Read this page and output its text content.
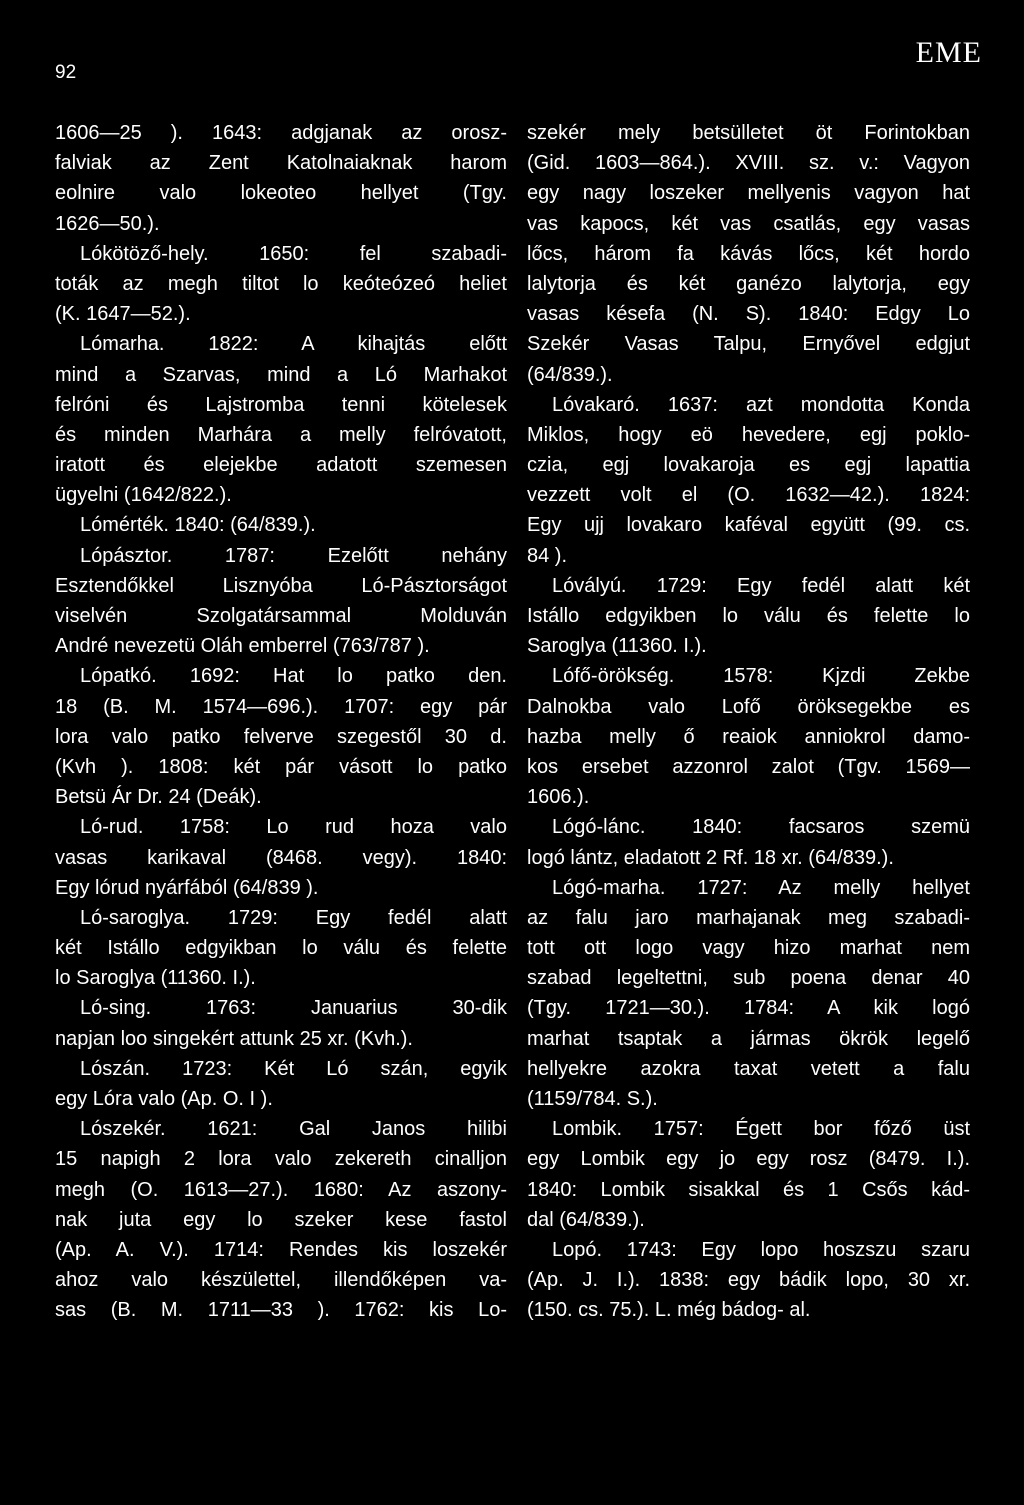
92
EME
1606—25 ). 1643: adgjanak az orosz-
falviak az Zent Katolnaiaknak harom
eolnire valo lokeoteo hellyet (Tgy.
1626—50.).
Lókötöző-hely. 1650: fel szabadi-
toták az megh tiltot lo keóteózeó heliet
(K. 1647—52.).
Lómarha. 1822: A kihajtás előtt
mind a Szarvas, mind a Ló Marhakot
felróni és Lajstromba tenni kötelesek
és minden Marhára a melly felróvatott,
iratott és elejekbe adatott szemesen
ügyelni (1642/822.).
Lómérték. 1840: (64/839.).
Lópásztor. 1787: Ezelőtt nehány
Esztendőkkel Lisznyóba Ló-Pásztorságot
viselvén Szolgatársammal Molduván
André nevezetü Oláh emberrel (763/787 ).
Lópatkó. 1692: Hat lo patko den.
18 (B. M. 1574—696.). 1707: egy pár
lora valo patko felverve szegestől 30 d.
(Kvh ). 1808: két pár vásott lo patko
Betsü Ár Dr. 24 (Deák).
Ló-rud. 1758: Lo rud hoza valo
vasas karikaval (8468. vegy). 1840:
Egy lórud nyárfából (64/839 ).
Ló-saroglya. 1729: Egy fedél alatt
két Istállo edgyikban lo válu és felette
lo Saroglya (11360. I.).
Ló-sing. 1763: Januarius 30-dik
napjan loo singekért attunk 25 xr. (Kvh.).
Lószán. 1723: Két Ló szán, egyik
egy Lóra valo (Ap. O. I ).
Lószekér. 1621: Gal Janos hilibi
15 napigh 2 lora valo zekereth cinalljon
megh (O. 1613—27.). 1680: Az aszony-
nak juta egy lo szeker kese fastol
(Ap. A. V.). 1714: Rendes kis loszekér
ahoz valo készülettel, illendőképen va-
sas (B. M. 1711—33 ). 1762: kis Lo-
szekér mely betsülletet öt Forintokban
(Gid. 1603—864.). XVIII. sz. v.: Vagyon
egy nagy loszeker mellyenis vagyon hat
vas kapocs, két vas csatlás, egy vasas
lőcs, három fa kávás lőcs, két hordo
lalytorja és két ganézo lalytorja, egy
vasas késefa (N. S). 1840: Edgy Lo
Szekér Vasas Talpu, Ernyővel edgjut
(64/839.).
Lóvakaró. 1637: azt mondotta Konda
Miklos, hogy eö hevedere, egj poklo-
czia, egj lovakaroja es egj lapattia
vezzett volt el (O. 1632—42.). 1824:
Egy ujj lovakaro kaféval együtt (99. cs.
84 ).
Lóvályú. 1729: Egy fedél alatt két
Istállo edgyikben lo válu és felette lo
Saroglya (11360. I.).
Lófő-örökség. 1578: Kjzdi Zekbe
Dalnokba valo Lofő öröksegekbe es
hazba melly ő reaiok anniokrol damo-
kos ersebet azzonrol zalot (Tgv. 1569—
1606.).
Lógó-lánc. 1840: facsaros szemü
logó lántz, eladatott 2 Rf. 18 xr. (64/839.).
Lógó-marha. 1727: Az melly hellyet
az falu jaro marhajanak meg szabadi-
tott ott logo vagy hizo marhat nem
szabad legeltettni, sub poena denar 40
(Tgy. 1721—30.). 1784: A kik logó
marhat tsaptak a jármas ökrök legelő
hellyekre azokra taxat vetett a falu
(1159/784. S.).
Lombik. 1757: Égett bor főző üst
egy Lombik egy jo egy rosz (8479. I.).
1840: Lombik sisakkal és 1 Csős kád-
dal (64/839.).
Lopó. 1743: Egy lopo hoszszu szaru
(Ap. J. I.). 1838: egy bádik lopo, 30 xr.
(150. cs. 75.). L. még bádog- al.
